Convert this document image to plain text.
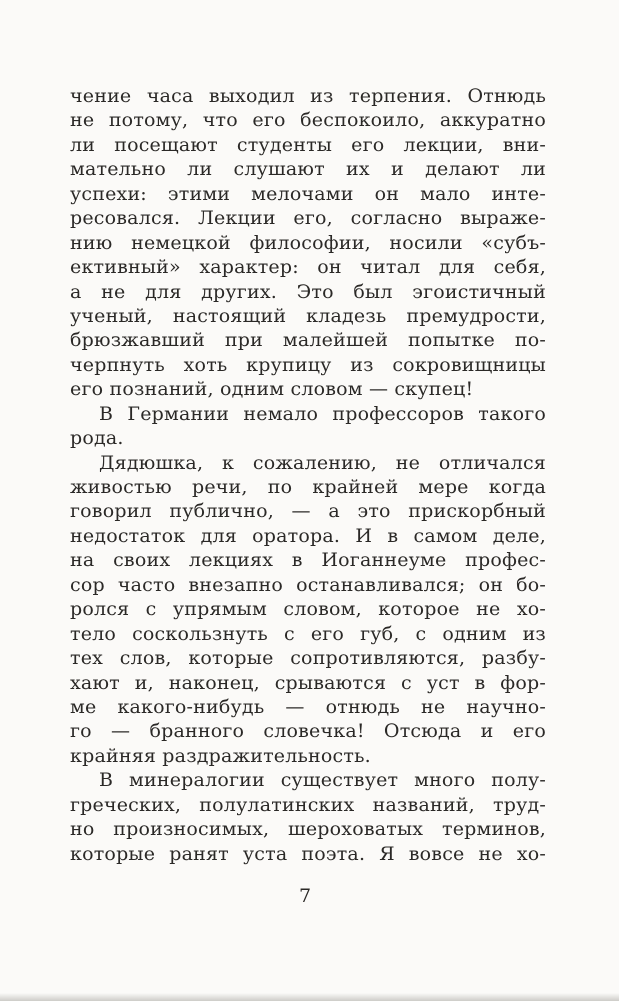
чение часа выходил из терпения. Отнюдь
не потому, что его беспокоило, аккуратно
ли посещают студенты его лекции, вни-
мательно ли слушают их и делают ли
успехи: этими мелочами он мало инте-
ресовался. Лекции его, согласно выраже-
нию немецкой философии, носили «субъ-
ективный» характер: он читал для себя,
а не для других. Это был эгоистичный
ученый, настоящий кладезь премудрости,
брюзжавший при малейшей попытке по-
черпнуть хоть крупицу из сокровищницы
его познаний, одним словом — скупец!
В Германии немало профессоров такого
рода.
Дядюшка, к сожалению, не отличался
живостью речи, по крайней мере когда
говорил публично, — а это прискорбный
недостаток для оратора. И в самом деле,
на своих лекциях в Иоганнеуме профес-
сор часто внезапно останавливался; он бо-
ролся с упрямым словом, которое не хо-
тело соскользнуть с его губ, с одним из
тех слов, которые сопротивляются, разбу-
хают и, наконец, срываются с уст в фор-
ме какого-нибудь — отнюдь не научно-
го — бранного словечка! Отсюда и его
крайняя раздражительность.
В минералогии существует много полу-
греческих, полулатинских названий, труд-
но произносимых, шероховатых терминов,
которые ранят уста поэта. Я вовсе не хо-
7
